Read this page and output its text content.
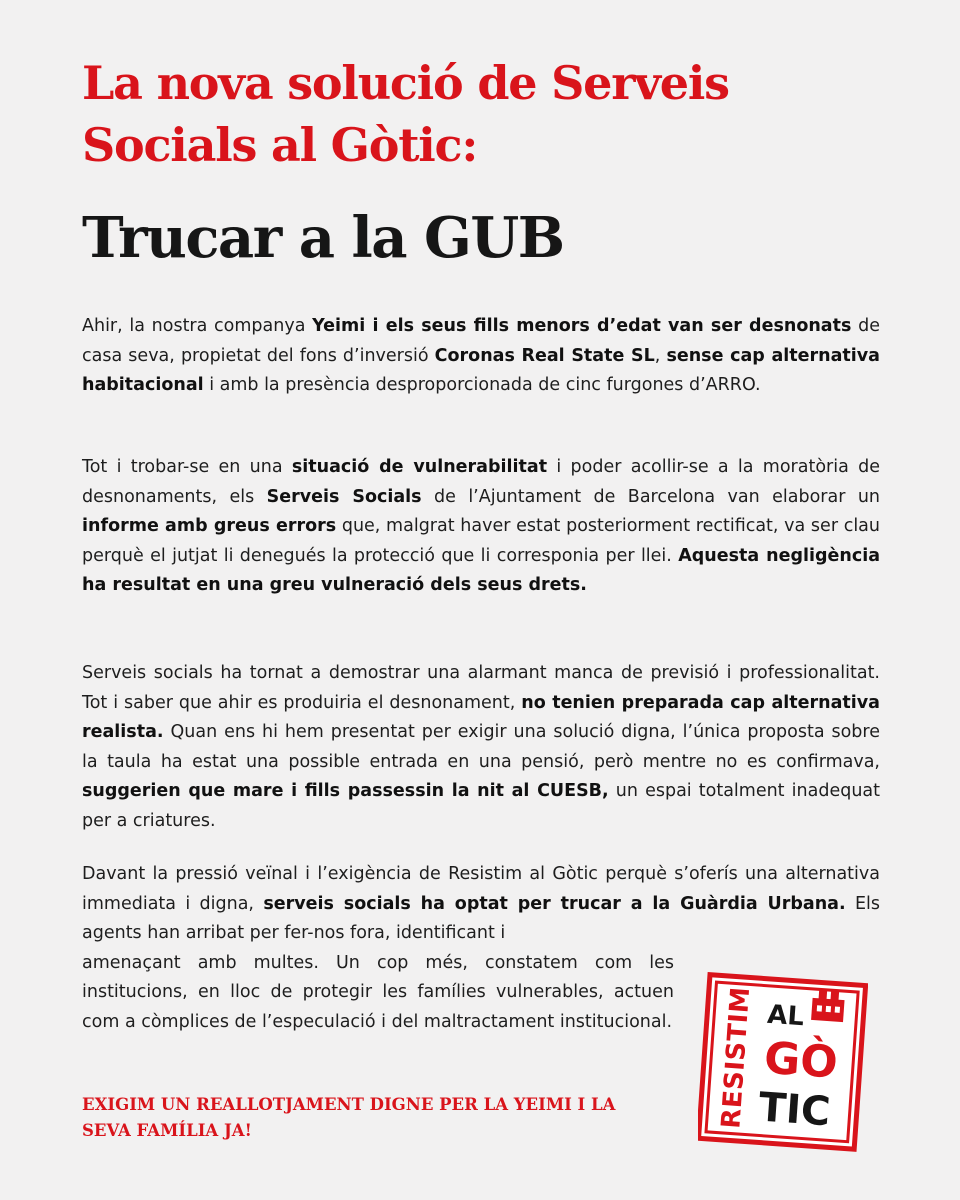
La nova solució de Serveis Socials al Gòtic:
Trucar a la GUB

Ahir, la nostra companya Yeimi i els seus fills menors d’edat van ser desnonats de casa seva, propietat del fons d’inversió Coronas Real State SL, sense cap alternativa habitacional i amb la presència desproporcionada de cinc furgones d’ARRO.

Tot i trobar-se en una situació de vulnerabilitat i poder acollir-se a la moratòria de desnonaments, els Serveis Socials de l’Ajuntament de Barcelona van elaborar un informe amb greus errors que, malgrat haver estat posteriorment rectificat, va ser clau perquè el jutjat li denegués la protecció que li corresponia per llei. Aquesta negligència ha resultat en una greu vulneració dels seus drets.

Serveis socials ha tornat a demostrar una alarmant manca de previsió i professionalitat. Tot i saber que ahir es produiria el desnonament, no tenien preparada cap alternativa realista. Quan ens hi hem presentat per exigir una solució digna, l’única proposta sobre la taula ha estat una possible entrada en una pensió, però mentre no es confirmava, suggerien que mare i fills passessin la nit al CUESB, un espai totalment inadequat per a criatures.

Davant la pressió veïnal i l’exigència de Resistim al Gòtic perquè s’oferís una alternativa immediata i digna, serveis socials ha optat per trucar a la Guàrdia Urbana. Els agents han arribat per fer-nos fora, identificant i
amenaçant amb multes. Un cop més, constatem com les institucions, en lloc de protegir les famílies vulnerables, actuen com a còmplices de l’especulació i del maltractament institucional.

EXIGIM UN REALLOTJAMENT DIGNE PER LA YEIMI I LA SEVA FAMÍLIA JA!

RESISTIM AL
GÒ
TIC
